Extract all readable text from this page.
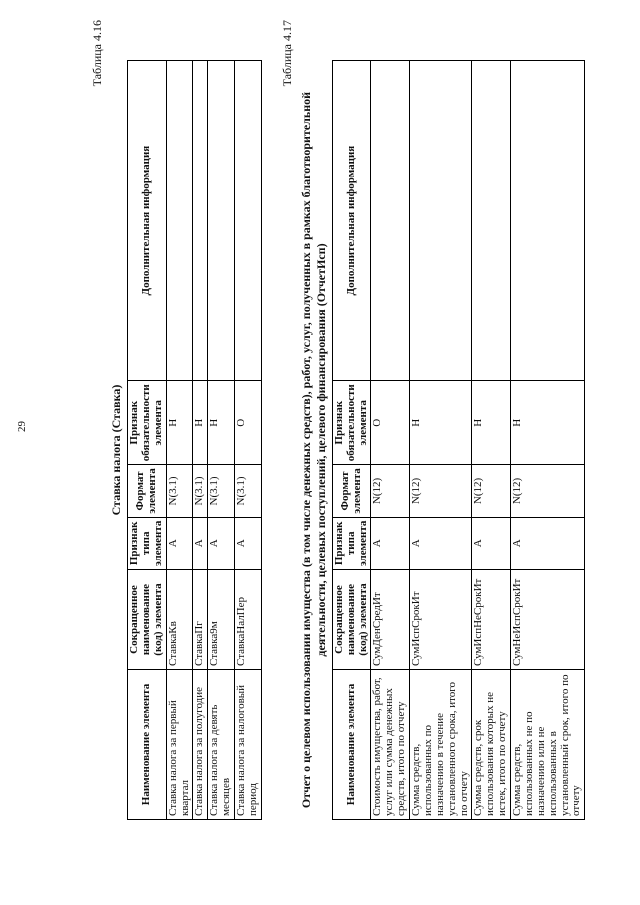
29

Таблица 4.16

Ставка налога (Ставка)
Наименование элемента	Сокращенное наименование (код) элемента	Признак типа элемента	Формат элемента	Признак обязательности элемента	Дополнительная информация
Ставка налога за первый квартал	СтавкаКв	А	N(3.1)	Н	
Ставка налога за полугодие	СтавкаПг	А	N(3.1)	Н	
Ставка налога за девять месяцев	Ставка9м	А	N(3.1)	Н	
Ставка налога за налоговый период	СтавкаНалПер	А	N(3.1)	О	

Таблица 4.17

Отчет о целевом использовании имущества (в том числе денежных средств), работ, услуг, полученных в рамках благотворительной деятельности, целевых поступлений, целевого финансирования (ОтчетИсп)
Наименование элемента	Сокращенное наименование (код) элемента	Признак типа элемента	Формат элемента	Признак обязательности элемента	Дополнительная информация
Стоимость имущества, работ, услуг или сумма денежных средств, итого по отчету	СумДенСредИт	А	N(12)	О	
Сумма средств, использованных по назначению в течение установленного срока, итого по отчету	СумИспСрокИт	А	N(12)	Н	
Сумма средств, срок использования которых не истек, итого по отчету	СумИспНеСрокИт	А	N(12)	Н	
Сумма средств, использованных не по назначению или не использованных в установленный срок, итого по отчету	СумНеИспСрокИт	А	N(12)	Н	
